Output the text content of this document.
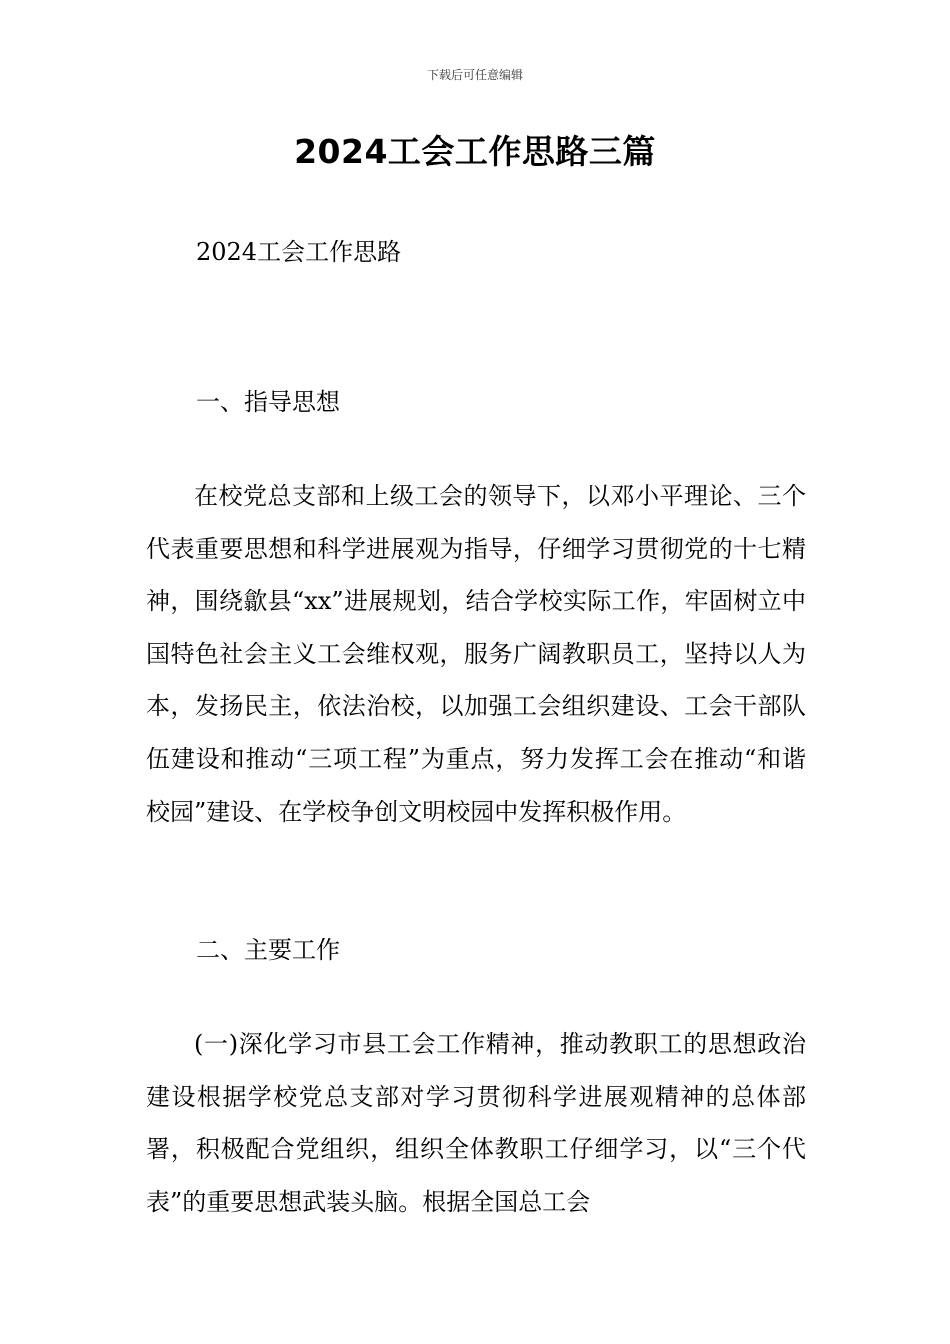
下载后可任意编辑
2024工会工作思路三篇
2024工会工作思路
一、指导思想
在校党总支部和上级工会的领导下，以邓小平理论、三个代表重要思想和科学进展观为指导，仔细学习贯彻党的十七精神，围绕歙县“xx”进展规划，结合学校实际工作，牢固树立中国特色社会主义工会维权观，服务广阔教职员工，坚持以人为本，发扬民主，依法治校，以加强工会组织建设、工会干部队伍建设和推动“三项工程”为重点，努力发挥工会在推动“和谐校园”建设、在学校争创文明校园中发挥积极作用。
二、主要工作
(一)深化学习市县工会工作精神，推动教职工的思想政治建设根据学校党总支部对学习贯彻科学进展观精神的总体部署，积极配合党组织，组织全体教职工仔细学习，以“三个代表”的重要思想武装头脑。根据全国总工会
